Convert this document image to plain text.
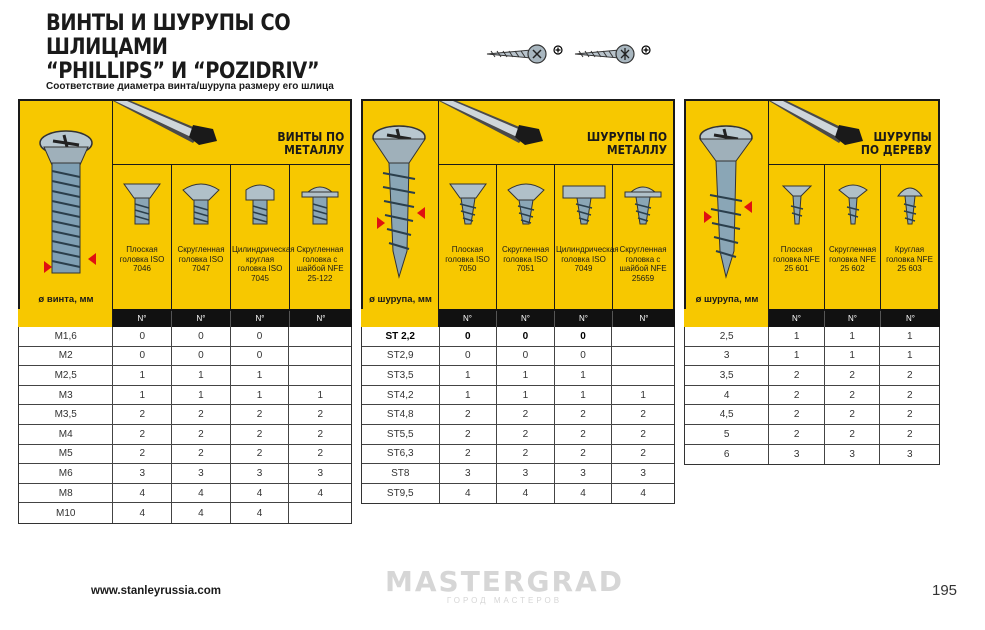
ВИНТЫ И ШУРУПЫ СО ШЛИЦАМИ
“PHILLIPS” И “POZIDRIV”
Соответствие диаметра винта/шурупа размеру его шлица
ø винта, мм
ВИНТЫ ПО
МЕТАЛЛУ
Плоская головка ISO 7046
Скругленная головка ISO 7047
Цилиндрическая круглая головка ISO 7045
Скругленная головка с шайбой NFE 25-122
N°	N°	N°	N°
M1,6	0	0	0
M2	0	0	0
M2,5	1	1	1
M3	1	1	1	1
M3,5	2	2	2	2
M4	2	2	2	2
M5	2	2	2	2
M6	3	3	3	3
M8	4	4	4	4
M10	4	4	4
ø шурупа, мм
ШУРУПЫ ПО
МЕТАЛЛУ
Плоская головка ISO 7050
Скругленная головка ISO 7051
Цилиндрическая головка ISO 7049
Скругленная головка с шайбой NFE 25659
N°	N°	N°	N°
ST 2,2	0	0	0
ST2,9	0	0	0
ST3,5	1	1	1
ST4,2	1	1	1	1
ST4,8	2	2	2	2
ST5,5	2	2	2	2
ST6,3	2	2	2	2
ST8	3	3	3	3
ST9,5	4	4	4	4
ø шурупа, мм
ШУРУПЫ
ПО ДЕРЕВУ
Плоская головка NFE 25 601
Скругленная головка NFE 25 602
Круглая головка NFE 25 603
N°	N°	N°
2,5	1	1	1
3	1	1	1
3,5	2	2	2
4	2	2	2
4,5	2	2	2
5	2	2	2
6	3	3	3
www.stanleyrussia.com	MASTERGRAD
ГОРОД МАСТЕРОВ
195
